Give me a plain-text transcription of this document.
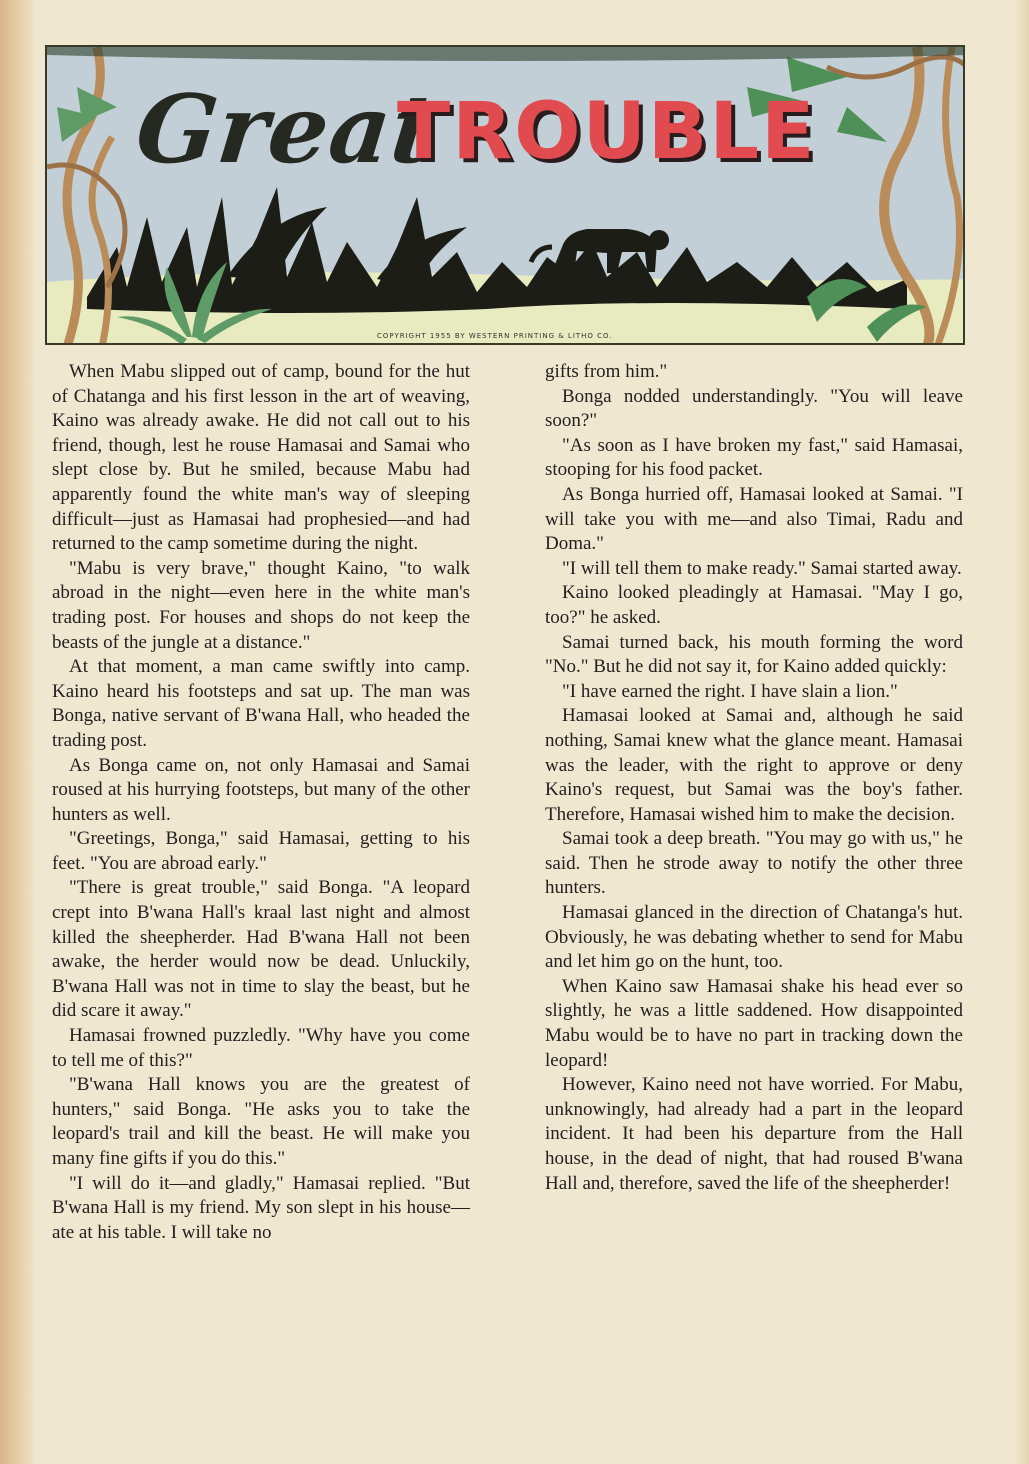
Great
TROUBLE
COPYRIGHT 1955 BY WESTERN PRINTING & LITHO CO.

When Mabu slipped out of camp, bound for the hut of Chatanga and his first lesson in the art of weaving, Kaino was already awake. He did not call out to his friend, though, lest he rouse Hamasai and Samai who slept close by. But he smiled, because Mabu had apparently found the white man's way of sleeping difficult—just as Hamasai had prophesied—and had returned to the camp sometime during the night.

"Mabu is very brave," thought Kaino, "to walk abroad in the night—even here in the white man's trading post. For houses and shops do not keep the beasts of the jungle at a distance."

At that moment, a man came swiftly into camp. Kaino heard his footsteps and sat up. The man was Bonga, native servant of B'wana Hall, who headed the trading post.

As Bonga came on, not only Hamasai and Samai roused at his hurrying footsteps, but many of the other hunters as well.

"Greetings, Bonga," said Hamasai, getting to his feet. "You are abroad early."

"There is great trouble," said Bonga. "A leopard crept into B'wana Hall's kraal last night and almost killed the sheepherder. Had B'wana Hall not been awake, the herder would now be dead. Unluckily, B'wana Hall was not in time to slay the beast, but he did scare it away."

Hamasai frowned puzzledly. "Why have you come to tell me of this?"

"B'wana Hall knows you are the greatest of hunters," said Bonga. "He asks you to take the leopard's trail and kill the beast. He will make you many fine gifts if you do this."

"I will do it—and gladly," Hamasai replied. "But B'wana Hall is my friend. My son slept in his house—ate at his table. I will take no

gifts from him."

Bonga nodded understandingly. "You will leave soon?"

"As soon as I have broken my fast," said Hamasai, stooping for his food packet.

As Bonga hurried off, Hamasai looked at Samai. "I will take you with me—and also Timai, Radu and Doma."

"I will tell them to make ready." Samai started away.

Kaino looked pleadingly at Hamasai. "May I go, too?" he asked.

Samai turned back, his mouth forming the word "No." But he did not say it, for Kaino added quickly:

"I have earned the right. I have slain a lion."

Hamasai looked at Samai and, although he said nothing, Samai knew what the glance meant. Hamasai was the leader, with the right to approve or deny Kaino's request, but Samai was the boy's father. Therefore, Hamasai wished him to make the decision.

Samai took a deep breath. "You may go with us," he said. Then he strode away to notify the other three hunters.

Hamasai glanced in the direction of Chatanga's hut. Obviously, he was debating whether to send for Mabu and let him go on the hunt, too.

When Kaino saw Hamasai shake his head ever so slightly, he was a little saddened. How disappointed Mabu would be to have no part in tracking down the leopard!

However, Kaino need not have worried. For Mabu, unknowingly, had already had a part in the leopard incident. It had been his departure from the Hall house, in the dead of night, that had roused B'wana Hall and, therefore, saved the life of the sheepherder!
